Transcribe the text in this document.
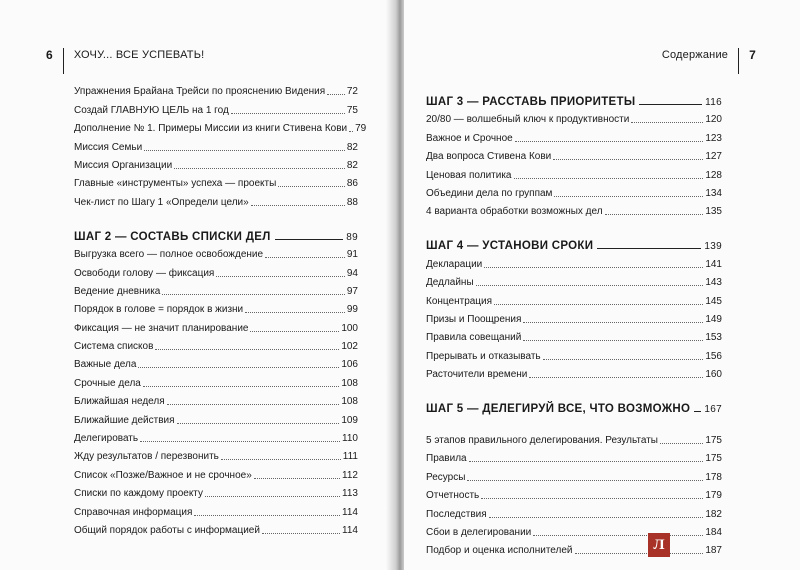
6 ХОЧУ... ВСЕ УСПЕВАТЬ!
Упражнения Брайана Трейси по прояснению Видения 72
Создай ГЛАВНУЮ ЦЕЛЬ на 1 год	75
Дополнение № 1. Примеры Миссии из книги Стивена Кови 79
Миссия Семьи	82
Миссия Организации	82
Главные «инструменты» успеха — проекты	86
Чек-лист по Шагу 1 «Определи цели»	88
ШАГ 2 — СОСТАВЬ СПИСКИ ДЕЛ	89
Выгрузка всего — полное освобождение	91
Освободи голову — фиксация	94
Ведение дневника	97
Порядок в голове = порядок в жизни	99
Фиксация — не значит планирование	100
Система списков	102
Важные дела	106
Срочные дела	108
Ближайшая неделя	108
Ближайшие действия	109
Делегировать	110
Жду результатов / перезвонить	111
Список «Позже/Важное и не срочное»	112
Списки по каждому проекту	113
Справочная информация	114
Общий порядок работы с информацией	114
Содержание 7
ШАГ 3 — РАССТАВЬ ПРИОРИТЕТЫ	116
20/80 — волшебный ключ к продуктивности	120
Важное и Срочное	123
Два вопроса Стивена Кови	127
Ценовая политика	128
Объедини дела по группам	134
4 варианта обработки возможных дел	135
ШАГ 4 — УСТАНОВИ СРОКИ	139
Декларации	141
Дедлайны	143
Концентрация	145
Призы и Поощрения	149
Правила совещаний	153
Прерывать и отказывать	156
Расточители времени	160
ШАГ 5 — ДЕЛЕГИРУЙ ВСЕ, ЧТО ВОЗМОЖНО 167
5 этапов правильного делегирования. Результаты	175
Правила	175
Ресурсы	178
Отчетность	179
Последствия	182
Сбои в делегировании	184
Подбор и оценка исполнителей	187
Л
